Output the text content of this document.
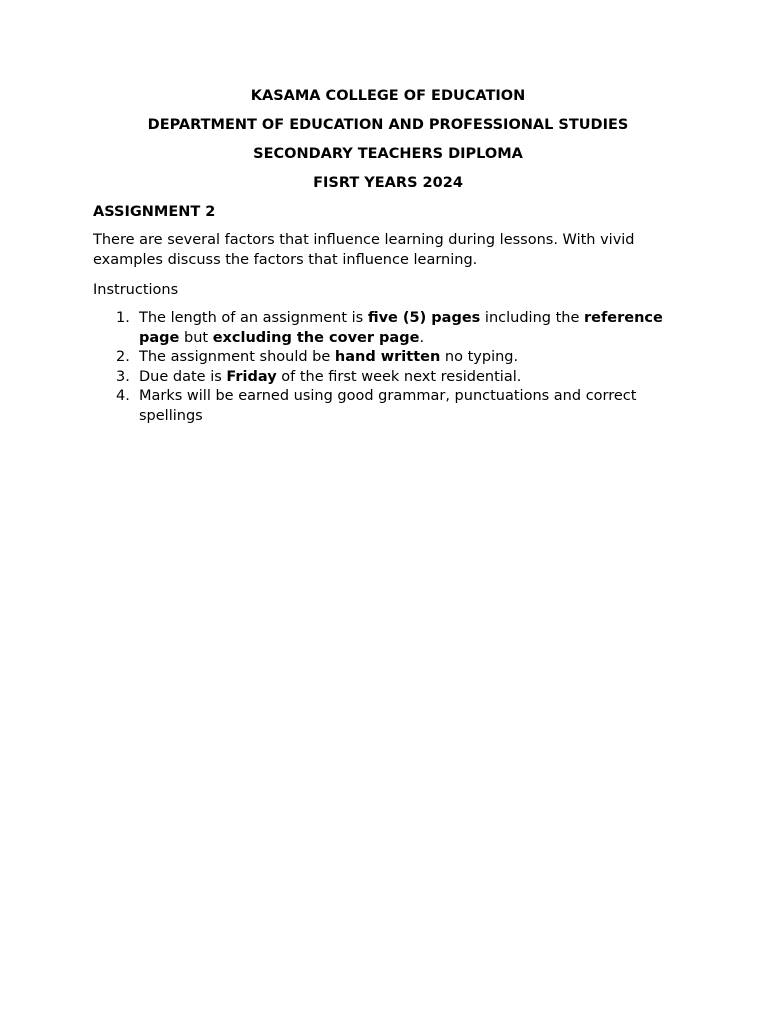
KASAMA COLLEGE OF EDUCATION
DEPARTMENT OF EDUCATION AND PROFESSIONAL STUDIES
SECONDARY TEACHERS DIPLOMA
FISRT YEARS 2024
ASSIGNMENT 2

There are several factors that influence learning during lessons. With vivid examples discuss the factors that influence learning.

Instructions
1. The length of an assignment is five (5) pages including the reference page but excluding the cover page.
2. The assignment should be hand written no typing.
3. Due date is Friday of the first week next residential.
4. Marks will be earned using good grammar, punctuations and correct spellings
